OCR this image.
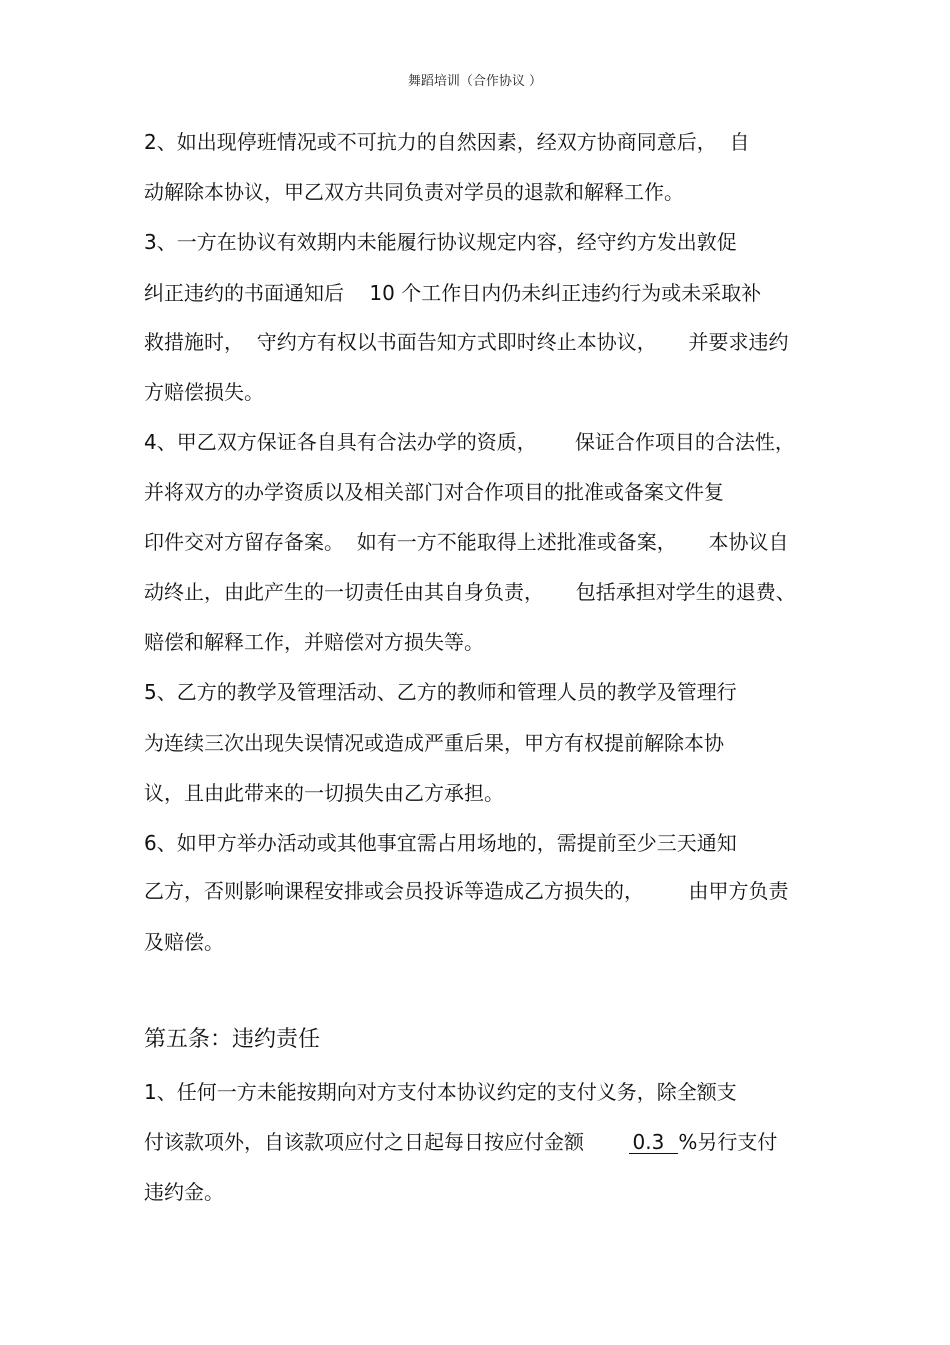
舞蹈培训（合作协议 ）
2、如出现停班情况或不可抗力的自然因素，经双方协商同意后，  自
动解除本协议，甲乙双方共同负责对学员的退款和解释工作。
3、一方在协议有效期内未能履行协议规定内容，经守约方发出敦促
纠正违约的书面通知后    10 个工作日内仍未纠正违约行为或未采取补
救措施时，  守约方有权以书面告知方式即时终止本协议，     并要求违约
方赔偿损失。
4、甲乙双方保证各自具有合法办学的资质，      保证合作项目的合法性，
并将双方的办学资质以及相关部门对合作项目的批准或备案文件复
印件交对方留存备案。  如有一方不能取得上述批准或备案，     本协议自
动终止，由此产生的一切责任由其自身负责，     包括承担对学生的退费、
赔偿和解释工作，并赔偿对方损失等。
5、乙方的教学及管理活动、乙方的教师和管理人员的教学及管理行
为连续三次出现失误情况或造成严重后果，甲方有权提前解除本协
议，且由此带来的一切损失由乙方承担。
6、如甲方举办活动或其他事宜需占用场地的，需提前至少三天通知
乙方，否则影响课程安排或会员投诉等造成乙方损失的，       由甲方负责
及赔偿。
第五条：违约责任
1、任何一方未能按期向对方支付本协议约定的支付义务，除全额支
付该款项外，自该款项应付之日起每日按应付金额       0.3 %另行支付
违约金。
